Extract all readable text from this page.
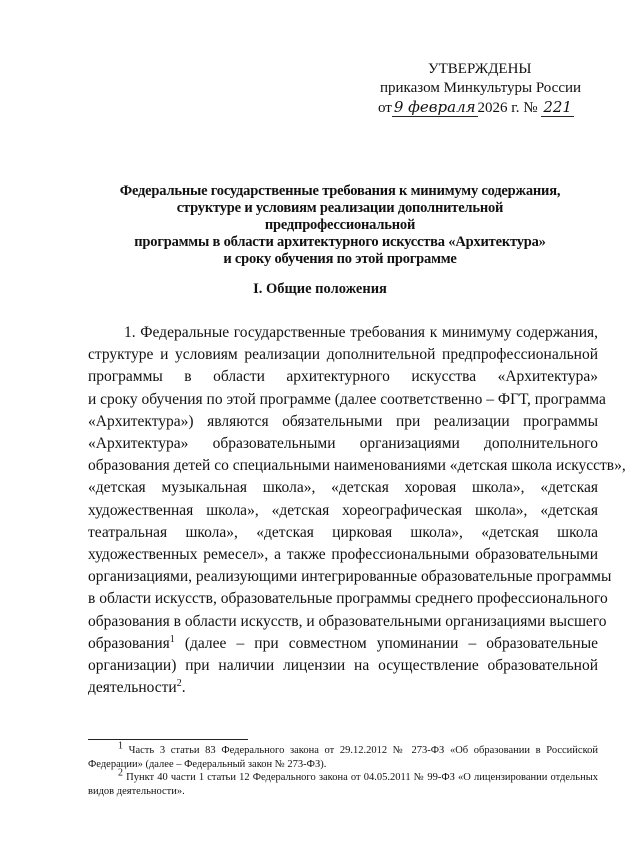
УТВЕРЖДЕНЫ
приказом Минкультуры России
от 9 февраля 2026 г. № 221
Федеральные государственные требования к минимуму содержания,
структуре и условиям реализации дополнительной предпрофессиональной
программы в области архитектурного искусства «Архитектура»
и сроку обучения по этой программе
I. Общие положения
1. Федеральные государственные требования к минимуму содержания,
структуре и условиям реализации дополнительной предпрофессиональной
программы в области архитектурного искусства «Архитектура»
и сроку обучения по этой программе (далее соответственно – ФГТ, программа
«Архитектура») являются обязательными при реализации программы
«Архитектура» образовательными организациями дополнительного
образования детей со специальными наименованиями «детская школа искусств»,
«детская музыкальная школа», «детская хоровая школа», «детская
художественная школа», «детская хореографическая школа», «детская
театральная школа», «детская цирковая школа», «детская школа
художественных ремесел», а также профессиональными образовательными
организациями, реализующими интегрированные образовательные программы
в области искусств, образовательные программы среднего профессионального
образования в области искусств, и образовательными организациями высшего
образования$^1$ (далее – при совместном упоминании – образовательные
организации) при наличии лицензии на осуществление образовательной
деятельности$^2$.
$^1$ Часть 3 статьи 83 Федерального закона от 29.12.2012 № 273-ФЗ «Об образовании в Российской
Федерации» (далее – Федеральный закон № 273-ФЗ).
$^2$ Пункт 40 части 1 статьи 12 Федерального закона от 04.05.2011 № 99-ФЗ «О лицензировании отдельных
видов деятельности».
